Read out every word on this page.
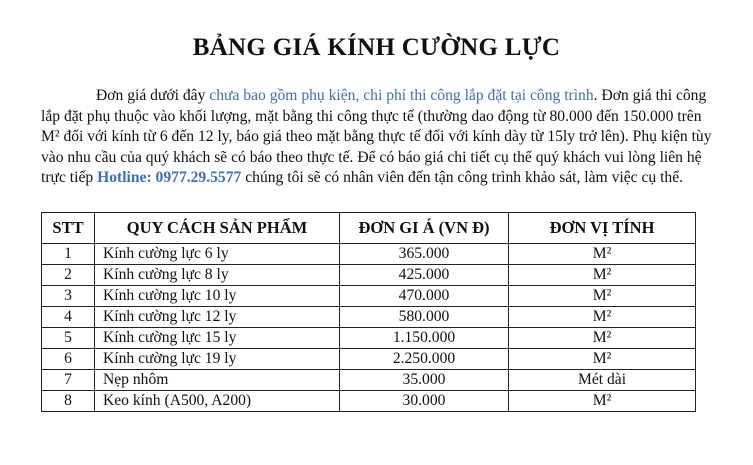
BẢNG GIÁ KÍNH CƯỜNG LỰC

Đơn giá dưới đây chưa bao gồm phụ kiện, chi phí thi công lắp đặt tại công trình. Đơn giá thi công lắp đặt phụ thuộc vào khối lượng, mặt bằng thi công thực tế (thường dao động từ 80.000 đến 150.000 trên M² đối với kính từ 6 đến 12 ly, báo giá theo mặt bằng thực tế đối với kính dày từ 15ly trở lên). Phụ kiện tùy vào nhu cầu của quý khách sẽ có báo theo thực tế. Để có báo giá chi tiết cụ thể quý khách vui lòng liên hệ trực tiếp Hotline: 0977.29.5577 chúng tôi sẽ có nhân viên đến tận công trình khảo sát, làm việc cụ thể.

STT	QUY CÁCH SẢN PHẨM	ĐƠN GI Á (VN Đ)	ĐƠN VỊ TÍNH
1	Kính cường lực 6 ly	365.000	M²
2	Kính cường lực 8 ly	425.000	M²
3	Kính cường lực 10 ly	470.000	M²
4	Kính cường lực 12 ly	580.000	M²
5	Kính cường lực 15 ly	1.150.000	M²
6	Kính cường lực 19 ly	2.250.000	M²
7	Nẹp nhôm	35.000	Mét dài
8	Keo kính (A500, A200)	30.000	M²
